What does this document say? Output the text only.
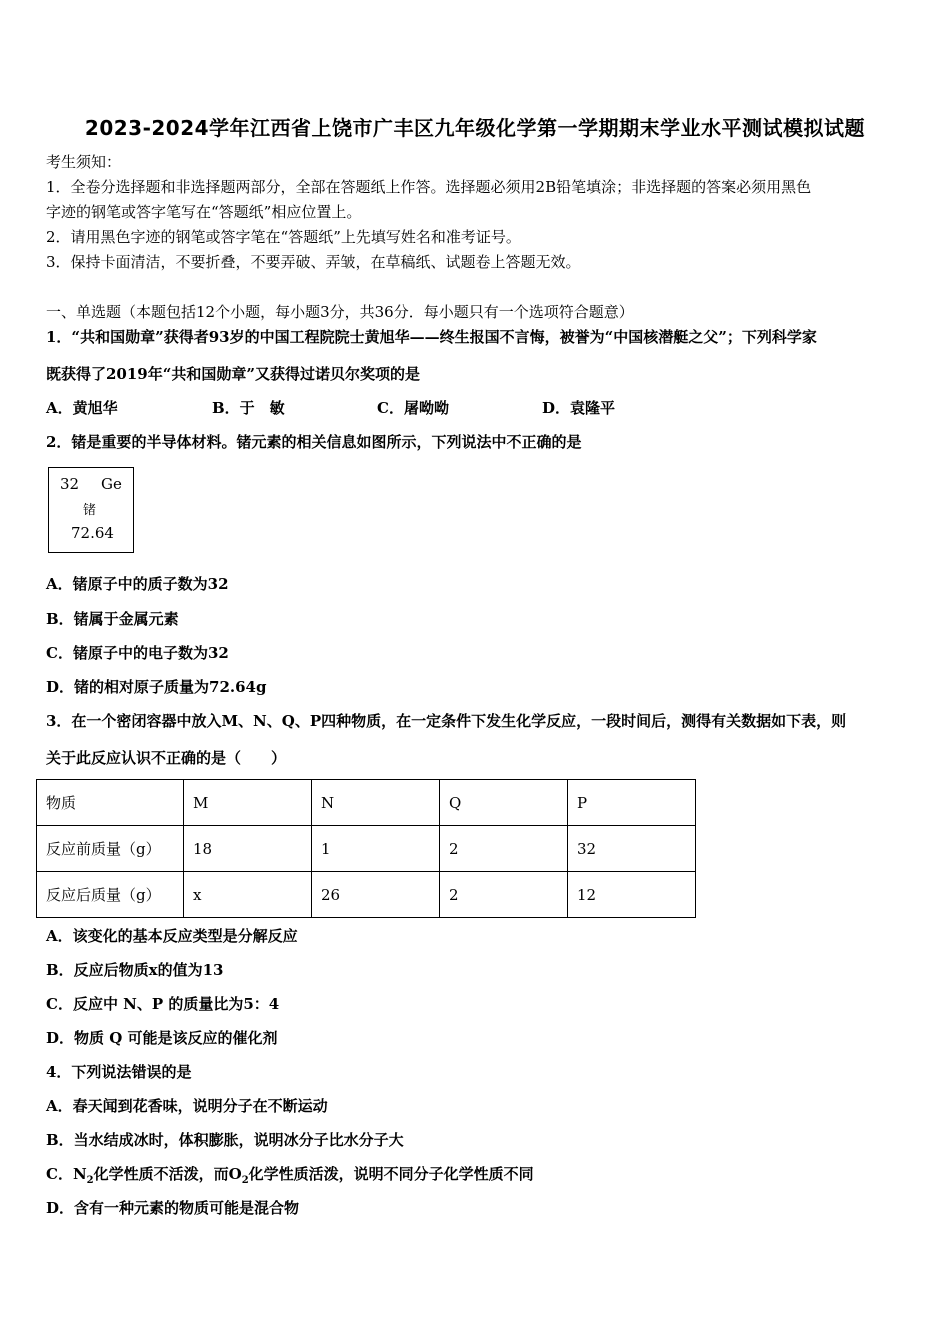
2023-2024学年江西省上饶市广丰区九年级化学第一学期期末学业水平测试模拟试题
考生须知：
1．全卷分选择题和非选择题两部分，全部在答题纸上作答。选择题必须用2B铅笔填涂；非选择题的答案必须用黑色
字迹的钢笔或答字笔写在“答题纸”相应位置上。
2．请用黑色字迹的钢笔或答字笔在“答题纸”上先填写姓名和准考证号。
3．保持卡面清洁，不要折叠，不要弄破、弄皱，在草稿纸、试题卷上答题无效。
一、单选题（本题包括12个小题，每小题3分，共36分．每小题只有一个选项符合题意）
1．“共和国勋章”获得者93岁的中国工程院院士黄旭华——终生报国不言悔，被誉为“中国核潜艇之父”；下列科学家
既获得了2019年“共和国勋章”又获得过诺贝尔奖项的是
A．黄旭华	B．于　敏	C．屠呦呦	D．袁隆平
2．锗是重要的半导体材料。锗元素的相关信息如图所示，下列说法中不正确的是
32 Ge
锗
72.64
A．锗原子中的质子数为32
B．锗属于金属元素
C．锗原子中的电子数为32
D．锗的相对原子质量为72.64g
3．在一个密闭容器中放入M、N、Q、P四种物质，在一定条件下发生化学反应，一段时间后，测得有关数据如下表，则
关于此反应认识不正确的是（　　）
物质	M	N	Q	P
反应前质量（g）	18	1	2	32
反应后质量（g）	x	26	2	12
A．该变化的基本反应类型是分解反应
B．反应后物质x的值为13
C．反应中 N、P 的质量比为5：4
D．物质 Q 可能是该反应的催化剂
4．下列说法错误的是
A．春天闻到花香味，说明分子在不断运动
B．当水结成冰时，体积膨胀，说明冰分子比水分子大
C．$N_2$化学性质不活泼，而$O_2$化学性质活泼，说明不同分子化学性质不同
D．含有一种元素的物质可能是混合物
